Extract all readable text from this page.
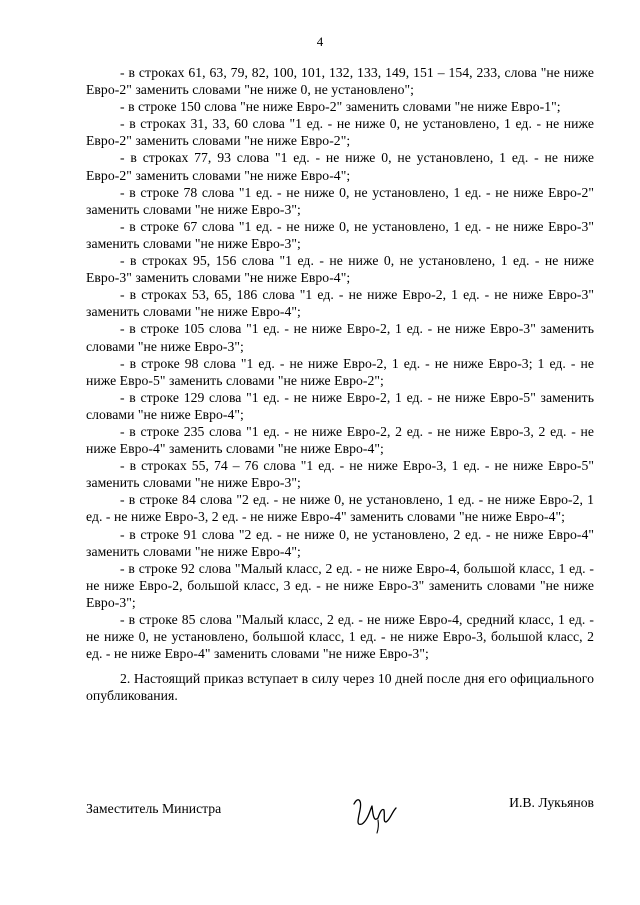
4

- в строках 61, 63, 79, 82, 100, 101, 132, 133, 149, 151 – 154, 233, слова "не ниже Евро-2" заменить словами "не ниже 0, не установлено";

- в строке 150 слова "не ниже Евро-2" заменить словами "не ниже Евро-1";

- в строках 31, 33, 60 слова "1 ед. - не ниже 0, не установлено, 1 ед. - не ниже Евро-2" заменить словами "не ниже Евро-2";

- в строках 77, 93 слова "1 ед. - не ниже 0, не установлено, 1 ед. - не ниже Евро-2" заменить словами "не ниже Евро-4";

- в строке 78 слова "1 ед. - не ниже 0, не установлено, 1 ед. - не ниже Евро-2" заменить словами "не ниже Евро-3";

- в строке 67 слова "1 ед. - не ниже 0, не установлено, 1 ед. - не ниже Евро-3" заменить словами "не ниже Евро-3";

- в строках 95, 156 слова "1 ед. - не ниже 0, не установлено, 1 ед. - не ниже Евро-3" заменить словами "не ниже Евро-4";

- в строках 53, 65, 186 слова "1 ед. - не ниже Евро-2, 1 ед. - не ниже Евро-3" заменить словами "не ниже Евро-4";

- в строке 105 слова "1 ед. - не ниже Евро-2, 1 ед. - не ниже Евро-3" заменить словами "не ниже Евро-3";

- в строке 98 слова "1 ед. - не ниже Евро-2, 1 ед. - не ниже Евро-3; 1 ед. - не ниже Евро-5" заменить словами "не ниже Евро-2";

- в строке 129 слова "1 ед. - не ниже Евро-2, 1 ед. - не ниже Евро-5" заменить словами "не ниже Евро-4";

- в строке 235 слова "1 ед. - не ниже Евро-2, 2 ед. - не ниже Евро-3, 2 ед. - не ниже Евро-4" заменить словами "не ниже Евро-4";

- в строках 55, 74 – 76 слова "1 ед. - не ниже Евро-3, 1 ед. - не ниже Евро-5" заменить словами "не ниже Евро-3";

- в строке 84 слова "2 ед. - не ниже 0, не установлено, 1 ед. - не ниже Евро-2, 1 ед. - не ниже Евро-3, 2 ед. - не ниже Евро-4" заменить словами "не ниже Евро-4";

- в строке 91 слова "2 ед. - не ниже 0, не установлено, 2 ед. - не ниже Евро-4" заменить словами "не ниже Евро-4";

- в строке 92 слова "Малый класс, 2 ед. - не ниже Евро-4, большой класс, 1 ед. - не ниже Евро-2, большой класс, 3 ед. - не ниже Евро-3" заменить словами "не ниже Евро-3";

- в строке 85 слова "Малый класс, 2 ед. - не ниже Евро-4, средний класс, 1 ед. - не ниже 0, не установлено, большой класс, 1 ед. - не ниже Евро-3, большой класс, 2 ед. - не ниже Евро-4" заменить словами "не ниже Евро-3";

2. Настоящий приказ вступает в силу через 10 дней после дня его официального опубликования.

Заместитель Министра	И.В. Лукьянов
